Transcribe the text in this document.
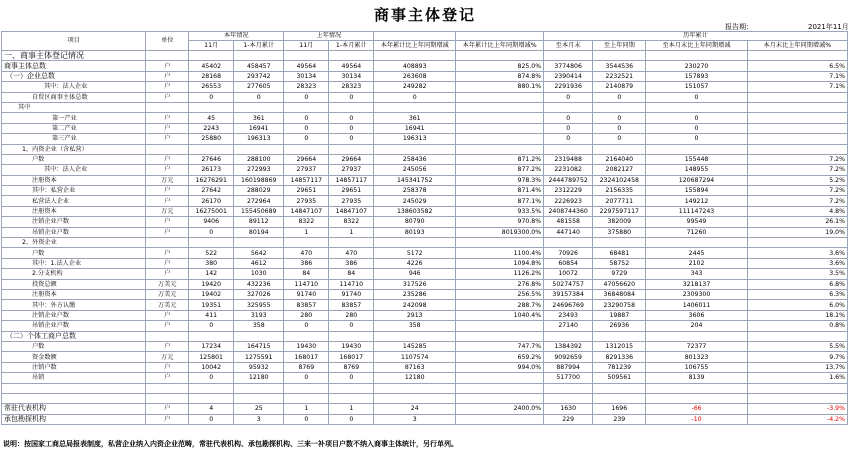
商事主体登记
报告期：	2021年11月
项目	单位	本年情况		上年情况				历年累计			
		11月	1-本月累计	11月	1-本月累计	本年累计比上年同期增减	本年累计比上年同期增减%	至本月末	至上年同期	至本月末比上年同期增减	本月末比上年同期增减%
一、商事主体登记情况											
商事主体总数	户	45402	458457	49564	49564	408893	825.0%	3774806	3544536	230270	6.5%
（一）企业总数	户	28168	293742	30134	30134	263608	874.8%	2390414	2232521	157893	7.1%
其中：法人企业	户	26553	277605	28323	28323	249282	880.1%	2291936	2140879	151057	7.1%
自贸区商事主体总数	户	0	0	0	0	0		0	0	0	
其中											
第一产业	户	45	361	0	0	361		0	0	0	
第二产业	户	2243	16941	0	0	16941		0	0	0	
第三产业	户	25880	196313	0	0	196313		0	0	0	
1、内资企业（含私营）											
户数	户	27646	288100	29664	29664	258436	871.2%	2319488	2164040	155448	7.2%
其中：法人企业	户	26173	272993	27937	27937	245056	877.2%	2231082	2082127	148955	7.2%
注册资本	万元	16276291	160198869	14857117	14857117	145341752	978.3%	2444789752	2324102458	120687294	5.2%
其中：私营企业	户	27642	288029	29651	29651	258378	871.4%	2312229	2156335	155894	7.2%
私营法人企业	户	26170	272964	27935	27935	245029	877.1%	2226923	2077711	149212	7.2%
注册资本	万元	16275001	155450689	14847107	14847107	138603582	933.5%	2408744360	2297597117	111147243	4.8%
注销企业户数	户	9406	89112	8322	8322	80790	970.8%	481558	382009	99549	26.1%
吊销企业户数	户	0	80194	1	1	80193	8019300.0%	447140	375880	71260	19.0%
2、外资企业											
户数	户	522	5642	470	470	5172	1100.4%	70926	68481	2445	3.6%
其中：1.法人企业	户	380	4612	386	386	4226	1094.8%	60854	58752	2102	3.6%
2.分支机构	户	142	1030	84	84	946	1126.2%	10072	9729	343	3.5%
投资总额	万美元	19420	432236	114710	114710	317526	276.8%	50274757	47056620	3218137	6.8%
注册资本	万美元	19402	327026	91740	91740	235286	256.5%	39157384	36848084	2309300	6.3%
其中：外方认缴	万美元	19351	325955	83857	83857	242098	288.7%	24696769	23290758	1406011	6.0%
注销企业户数	户	411	3193	280	280	2913	1040.4%	23493	19887	3606	18.1%
吊销企业户数	户	0	358	0	0	358		27140	26936	204	0.8%
（二）个体工商户总数											
户数	户	17234	164715	19430	19430	145285	747.7%	1384392	1312015	72377	5.5%
资金数额	万元	125801	1275591	168017	168017	1107574	659.2%	9092659	8291336	801323	9.7%
注销户数	户	10042	95932	8769	8769	87163	994.0%	887994	781239	106755	13.7%
吊销	户	0	12180	0	0	12180		517700	509561	8139	1.6%

常驻代表机构	户	4	25	1	1	24	2400.0%	1630	1696	-66	-3.9%
承包勘探机构	户	0	3	0	0	3		229	239	-10	-4.2%
说明：按国家工商总局报表制度，私营企业纳入内资企业范畴，常驻代表机构、承包勘探机构、三来一补项目户数不纳入商事主体统计，另行单列。
